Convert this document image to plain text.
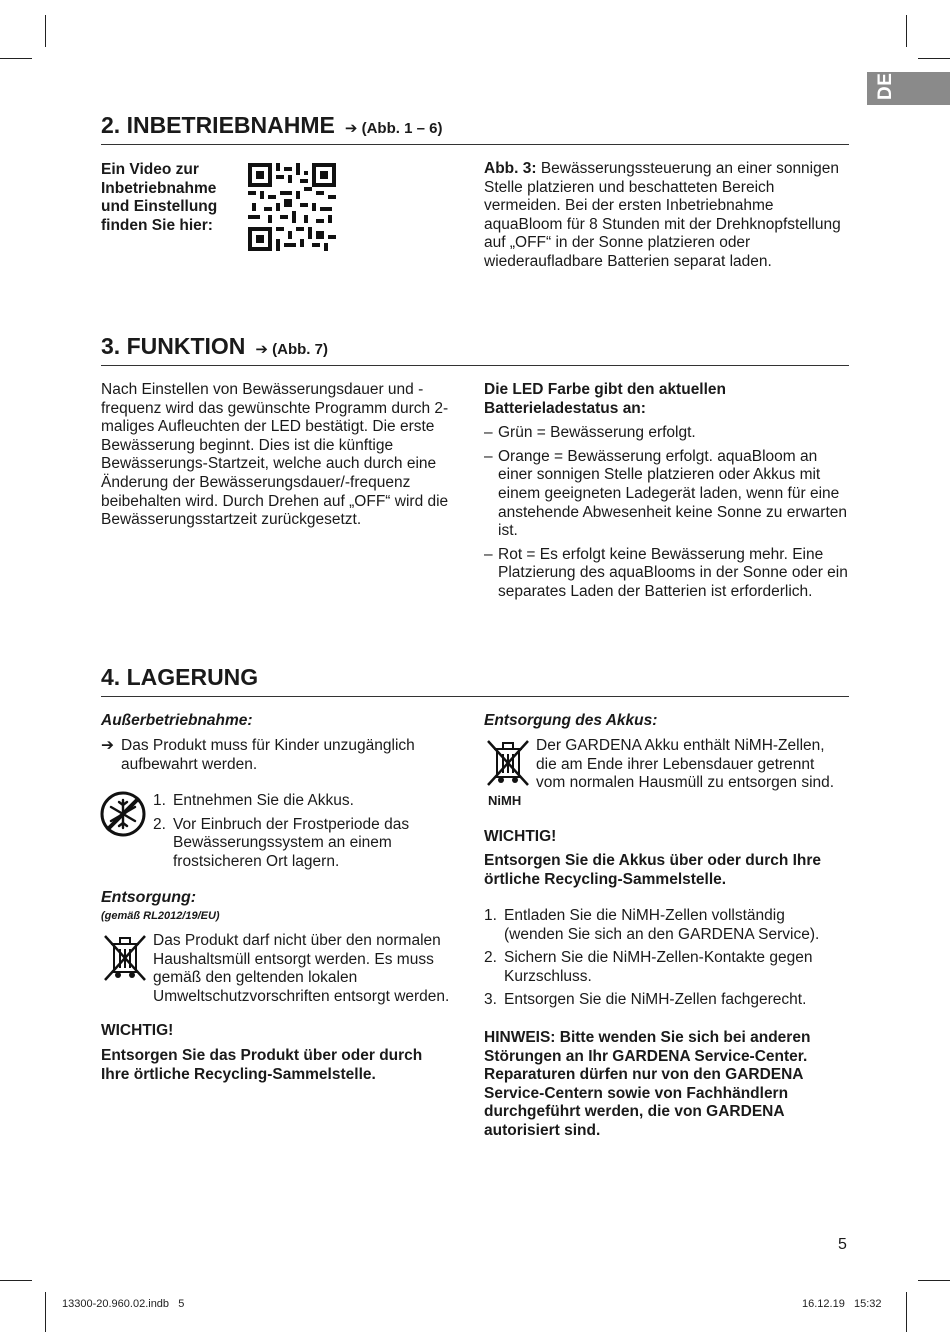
DE
2. INBETRIEBNAHME ➔ (Abb. 1 – 6)
Ein Video zur Inbetriebnahme und Einstellung finden Sie hier:
Abb. 3: Bewässerungssteuerung an einer sonnigen Stelle platzieren und beschatteten Bereich vermeiden. Bei der ersten Inbetriebnahme aquaBloom für 8 Stunden mit der Drehknopfstellung auf „OFF“ in der Sonne platzieren oder wiederaufladbare Batterien separat laden.
3. FUNKTION ➔ (Abb. 7)
Nach Einstellen von Bewässerungsdauer und -frequenz wird das gewünschte Programm durch 2-maliges Aufleuchten der LED bestätigt. Die erste Bewässerung beginnt. Dies ist die künftige Bewässerungs-Startzeit, welche auch durch eine Änderung der Bewässerungsdauer/-frequenz beibehalten wird. Durch Drehen auf „OFF“ wird die Bewässerungsstartzeit zurückgesetzt.

Die LED Farbe gibt den aktuellen Batterieladestatus an:

– Grün = Bewässerung erfolgt.
– Orange = Bewässerung erfolgt. aquaBloom an einer sonnigen Stelle platzieren oder Akkus mit einem geeigneten Ladegerät laden, wenn für eine anstehende Abwesenheit keine Sonne zu erwarten ist.
– Rot = Es erfolgt keine Bewässerung mehr. Eine Platzierung des aquaBlooms in der Sonne oder ein separates Laden der Batterien ist erforderlich.
4. LAGERUNG
Außerbetriebnahme:
➔ Das Produkt muss für Kinder unzugänglich aufbewahrt werden.
1. Entnehmen Sie die Akkus.
2. Vor Einbruch der Frostperiode das Bewässerungssystem an einem frostsicheren Ort lagern.
Entsorgung:
(gemäß RL2012/19/EU)
Das Produkt darf nicht über den normalen Haushaltsmüll entsorgt werden. Es muss gemäß den geltenden lokalen Umweltschutzvorschriften entsorgt werden.
WICHTIG!
Entsorgen Sie das Produkt über oder durch Ihre örtliche Recycling-Sammelstelle.
Entsorgung des Akkus:
NiMH
Der GARDENA Akku enthält NiMH-Zellen, die am Ende ihrer Lebensdauer getrennt vom normalen Hausmüll zu entsorgen sind.
WICHTIG!
Entsorgen Sie die Akkus über oder durch Ihre örtliche Recycling-Sammelstelle.
1. Entladen Sie die NiMH-Zellen vollständig (wenden Sie sich an den GARDENA Service).
2. Sichern Sie die NiMH-Zellen-Kontakte gegen Kurzschluss.
3. Entsorgen Sie die NiMH-Zellen fachgerecht.
HINWEIS: Bitte wenden Sie sich bei anderen Störungen an Ihr GARDENA Service-Center. Reparaturen dürfen nur von den GARDENA Service-Centern sowie von Fachhändlern durchgeführt werden, die von GARDENA autorisiert sind.
5
13300-20.960.02.indb   5	16.12.19   15:32
